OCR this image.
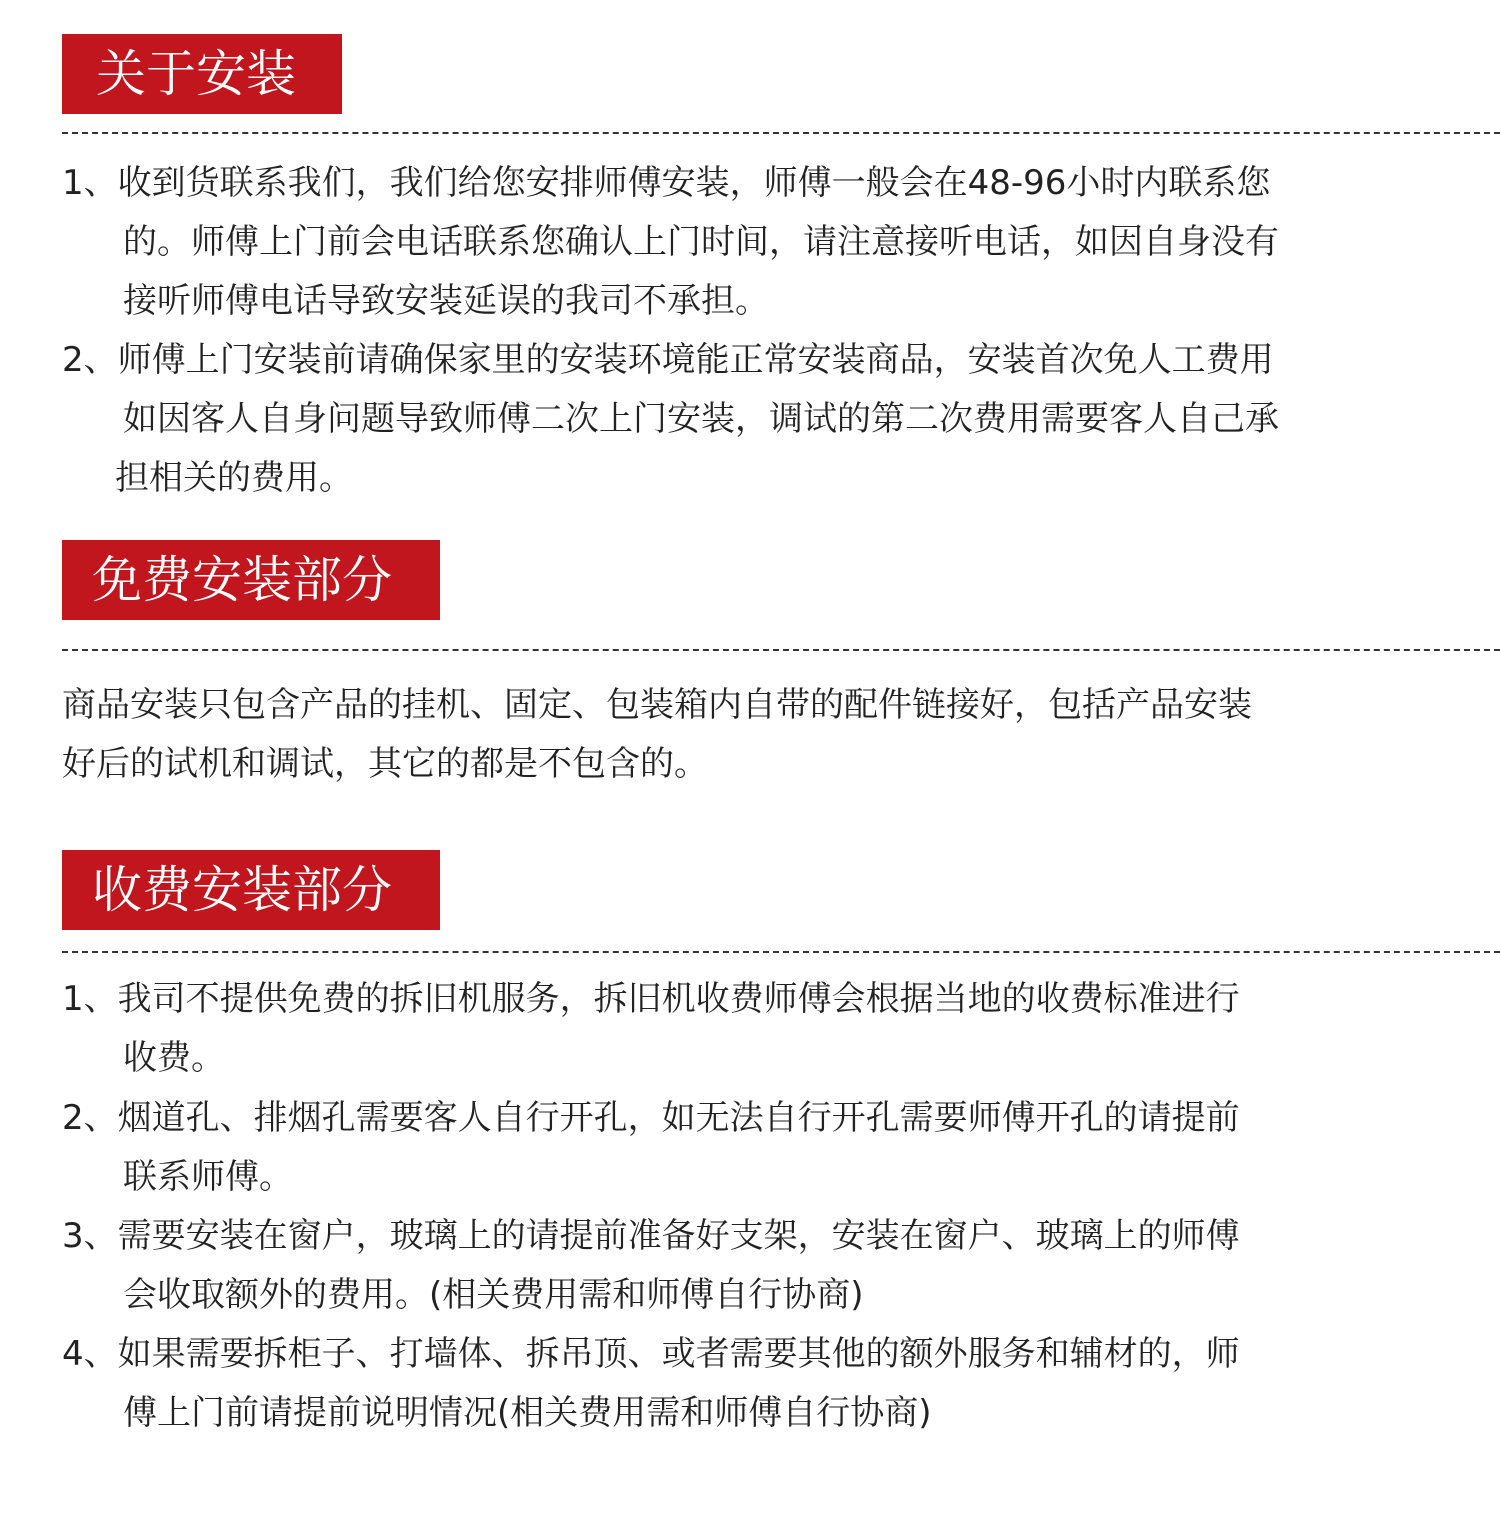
关于安装
1、收到货联系我们，我们给您安排师傅安装，师傅一般会在48-96小时内联系您
的。师傅上门前会电话联系您确认上门时间，请注意接听电话，如因自身没有
接听师傅电话导致安装延误的我司不承担。
2、师傅上门安装前请确保家里的安装环境能正常安装商品，安装首次免人工费用
如因客人自身问题导致师傅二次上门安装，调试的第二次费用需要客人自己承
担相关的费用。
免费安装部分
商品安装只包含产品的挂机、固定、包装箱内自带的配件链接好，包括产品安装
好后的试机和调试，其它的都是不包含的。
收费安装部分
1、我司不提供免费的拆旧机服务，拆旧机收费师傅会根据当地的收费标准进行
收费。
2、烟道孔、排烟孔需要客人自行开孔，如无法自行开孔需要师傅开孔的请提前
联系师傅。
3、需要安装在窗户，玻璃上的请提前准备好支架，安装在窗户、玻璃上的师傅
会收取额外的费用。(相关费用需和师傅自行协商)
4、如果需要拆柜子、打墙体、拆吊顶、或者需要其他的额外服务和辅材的，师
傅上门前请提前说明情况(相关费用需和师傅自行协商)
